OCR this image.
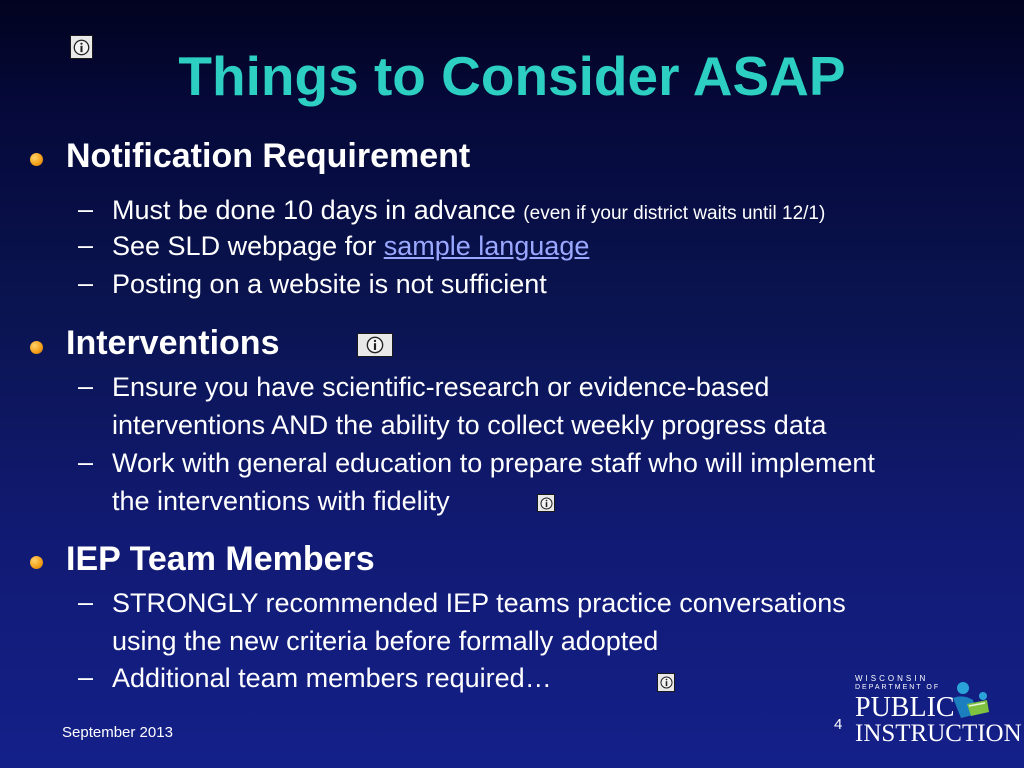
Things to Consider ASAP
Notification Requirement
– Must be done 10 days in advance (even if your district waits until 12/1)
– See SLD webpage for sample language
– Posting on a website is not sufficient
Interventions
– Ensure you have scientific-research or evidence-based
interventions AND the ability to collect weekly progress data
– Work with general education to prepare staff who will implement
the interventions with fidelity
IEP Team Members
– STRONGLY recommended IEP teams practice conversations
using the new criteria before formally adopted
– Additional team members required…
September 2013	4
WISCONSIN
DEPARTMENT OF
PUBLIC
INSTRUCTION
